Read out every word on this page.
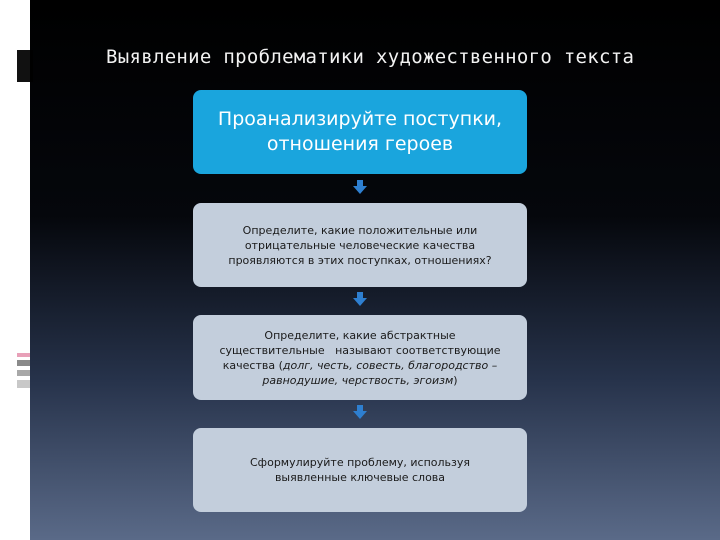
Выявление проблематики художественного текста
Проанализируйте поступки,
отношения героев
Определите, какие положительные или
отрицательные человеческие качества
проявляются в этих поступках, отношениях?
Определите, какие абстрактные
существительные   называют соответствующие
качества (долг, честь, совесть, благородство –
равнодушие, черствость, эгоизм)
Сформулируйте проблему, используя
выявленные ключевые слова
